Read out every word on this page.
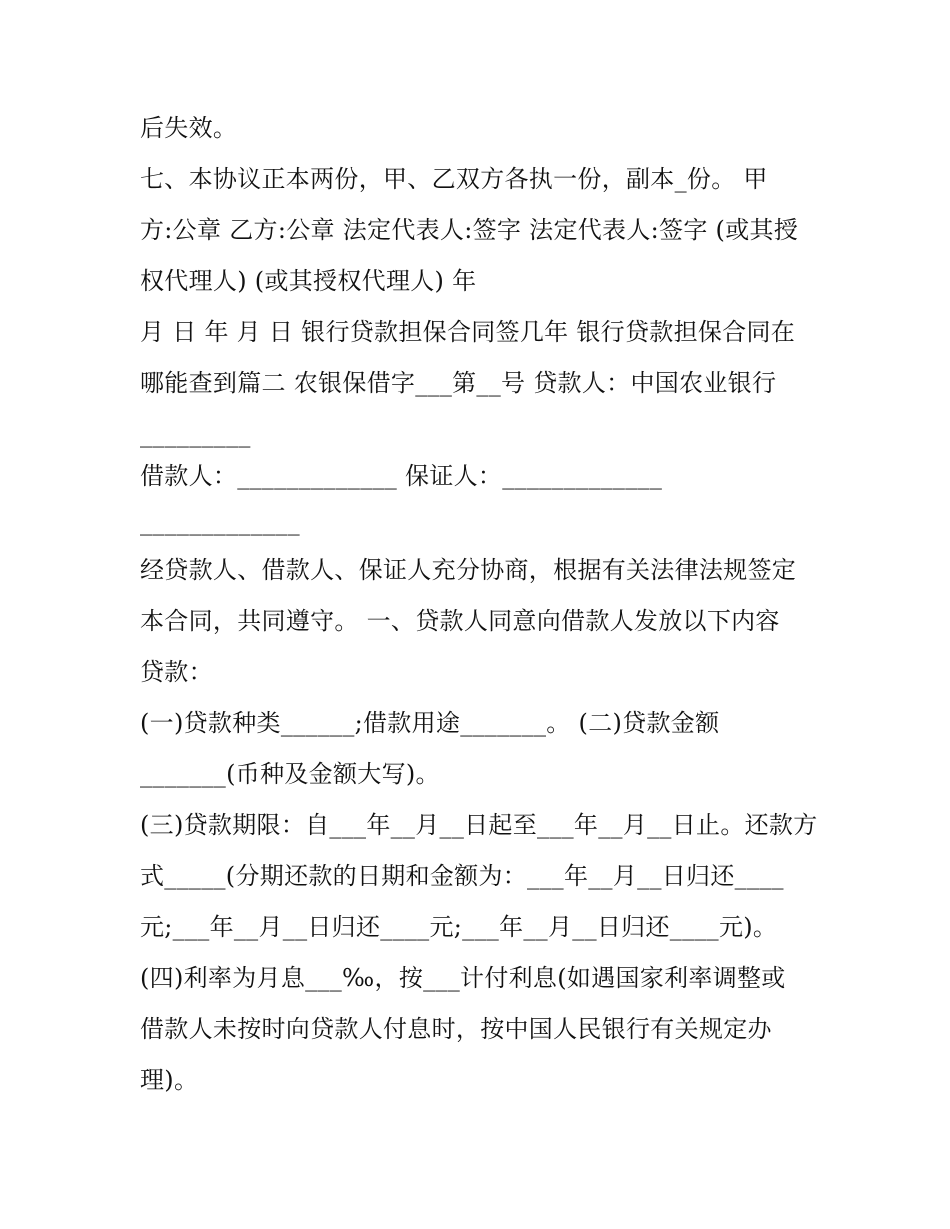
后失效。

七、本协议正本两份，甲、乙双方各执一份，副本_份。 甲

方:公章 乙方:公章 法定代表人:签字 法定代表人:签字 (或其授

权代理人) (或其授权代理人) 年

月 日 年 月 日 银行贷款担保合同签几年 银行贷款担保合同在

哪能查到篇二 农银保借字___第__号 贷款人：中国农业银行

_________

借款人：_____________ 保证人：_____________

_____________

经贷款人、借款人、保证人充分协商，根据有关法律法规签定

本合同，共同遵守。 一、贷款人同意向借款人发放以下内容

贷款：

(一)贷款种类______;借款用途_______。 (二)贷款金额

_______(币种及金额大写)。

(三)贷款期限：自___年__月__日起至___年__月__日止。还款方

式_____(分期还款的日期和金额为：___年__月__日归还____

元;___年__月__日归还____元;___年__月__日归还____元)。

(四)利率为月息___‰，按___计付利息(如遇国家利率调整或

借款人未按时向贷款人付息时，按中国人民银行有关规定办

理)。
